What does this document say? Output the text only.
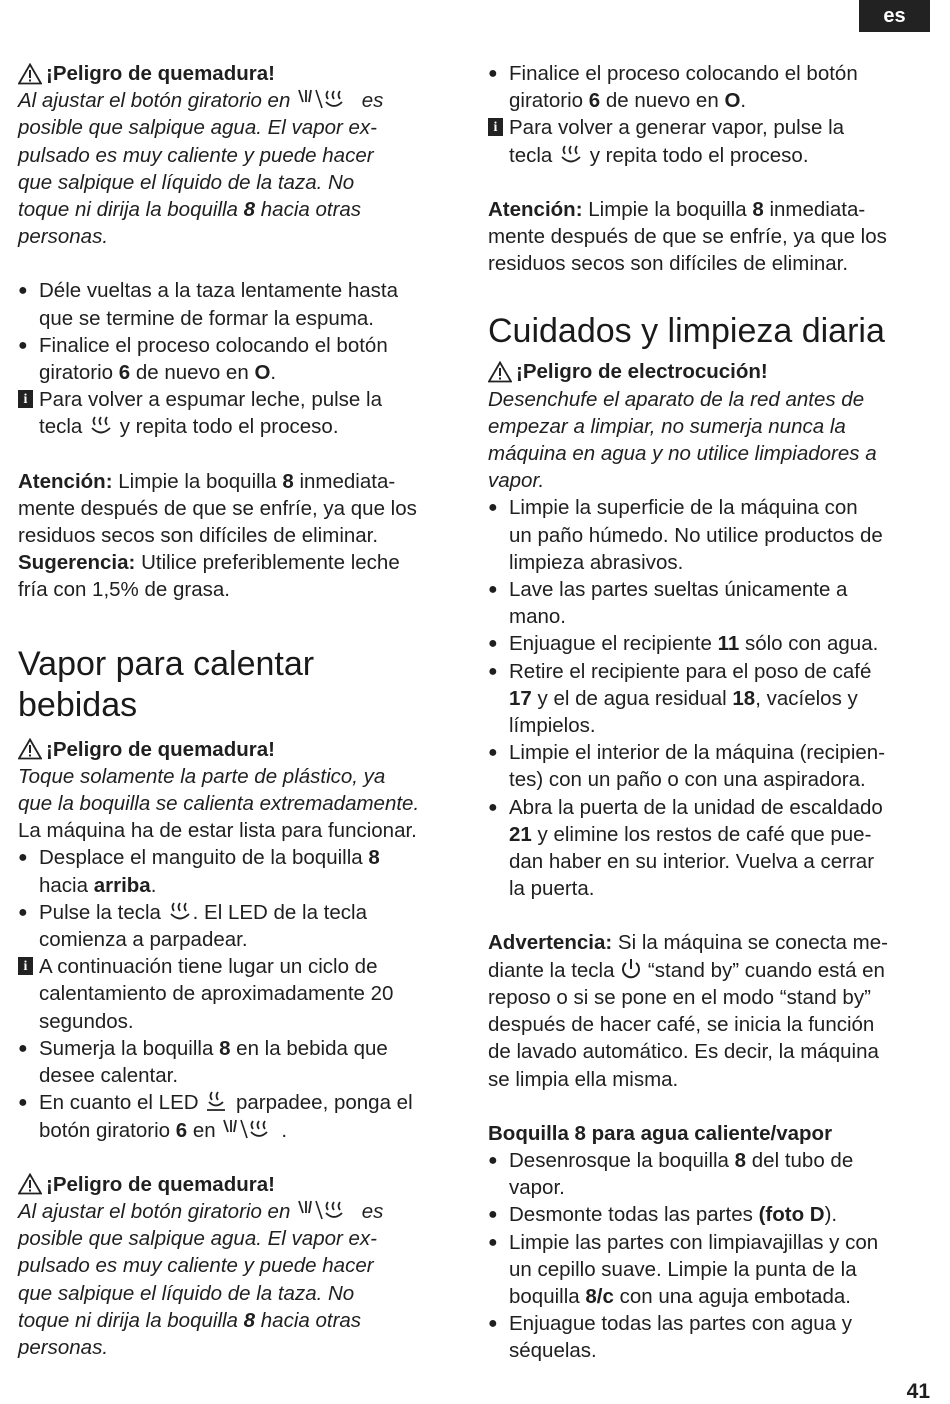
es

¡Peligro de quemadura!

Al ajustar el botón giratorio en	es
posible que salpique agua. El vapor ex-
pulsado es muy caliente y puede hacer
que salpique el líquido de la taza. No
toque ni dirija la boquilla 8 hacia otras
personas.

● Déle vueltas a la taza lentamente hasta
que se termine de formar la espuma.
● Finalice el proceso colocando el botón
giratorio 6 de nuevo en O.
i Para volver a espumar leche, pulse la
tecla y repita todo el proceso.

Atención: Limpie la boquilla 8 inmediata-
mente después de que se enfríe, ya que los
residuos secos son difíciles de eliminar.

Sugerencia: Utilice preferiblemente leche
fría con 1,5% de grasa.

Vapor para calentar
bebidas

¡Peligro de quemadura!

Toque solamente la parte de plástico, ya
que la boquilla se calienta extremadamente.
La máquina ha de estar lista para funcionar.

● Desplace el manguito de la boquilla 8
hacia arriba.
● Pulse la tecla . El LED de la tecla
comienza a parpadear.
i A continuación tiene lugar un ciclo de
calentamiento de aproximadamente 20
segundos.
● Sumerja la boquilla 8 en la bebida que
desee calentar.
● En cuanto el LED parpadee, ponga el
botón giratorio 6 en	.

¡Peligro de quemadura!

Al ajustar el botón giratorio en	es
posible que salpique agua. El vapor ex-
pulsado es muy caliente y puede hacer
que salpique el líquido de la taza. No
toque ni dirija la boquilla 8 hacia otras
personas.

● Finalice el proceso colocando el botón
giratorio 6 de nuevo en O.
i Para volver a generar vapor, pulse la
tecla y repita todo el proceso.

Atención: Limpie la boquilla 8 inmediata-
mente después de que se enfríe, ya que los
residuos secos son difíciles de eliminar.

Cuidados y limpieza diaria

¡Peligro de electrocución!

Desenchufe el aparato de la red antes de
empezar a limpiar, no sumerja nunca la
máquina en agua y no utilice limpiadores a
vapor.

● Limpie la superficie de la máquina con
un paño húmedo. No utilice productos de
limpieza abrasivos.
● Lave las partes sueltas únicamente a
mano.
● Enjuague el recipiente 11 sólo con agua.
● Retire el recipiente para el poso de café
17 y el de agua residual 18, vacíelos y
límpielos.
● Limpie el interior de la máquina (recipien-
tes) con un paño o con una aspiradora.
● Abra la puerta de la unidad de escaldado
21 y elimine los restos de café que pue-
dan haber en su interior. Vuelva a cerrar
la puerta.

Advertencia: Si la máquina se conecta me-
diante la tecla “stand by” cuando está en
reposo o si se pone en el modo “stand by”
después de hacer café, se inicia la función
de lavado automático. Es decir, la máquina
se limpia ella misma.

Boquilla 8 para agua caliente/vapor

● Desenrosque la boquilla 8 del tubo de
vapor.
● Desmonte todas las partes (foto D).
● Limpie las partes con limpiavajillas y con
un cepillo suave. Limpie la punta de la
boquilla 8/c con una aguja embotada.
● Enjuague todas las partes con agua y
séquelas.
41
